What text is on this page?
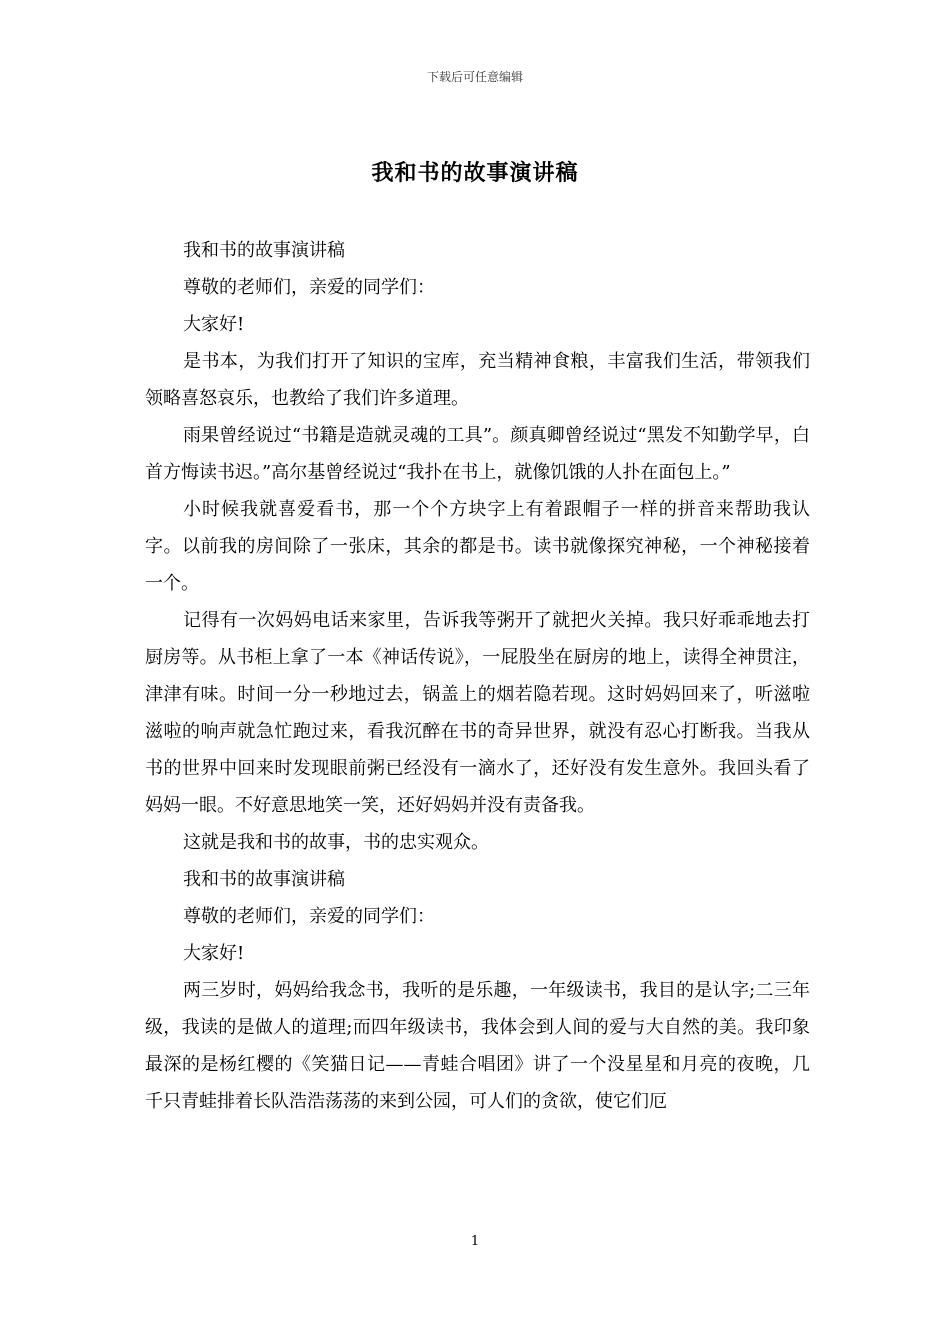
下载后可任意编辑
我和书的故事演讲稿

我和书的故事演讲稿

尊敬的老师们，亲爱的同学们：

大家好!

是书本，为我们打开了知识的宝库，充当精神食粮，丰富我们生活，带领我们领略喜怒哀乐，也教给了我们许多道理。

雨果曾经说过“书籍是造就灵魂的工具”。颜真卿曾经说过“黑发不知勤学早，白首方悔读书迟。”高尔基曾经说过“我扑在书上，就像饥饿的人扑在面包上。”

小时候我就喜爱看书，那一个个方块字上有着跟帽子一样的拼音来帮助我认字。以前我的房间除了一张床，其余的都是书。读书就像探究神秘，一个神秘接着一个。

记得有一次妈妈电话来家里，告诉我等粥开了就把火关掉。我只好乖乖地去打厨房等。从书柜上拿了一本《神话传说》，一屁股坐在厨房的地上，读得全神贯注，津津有味。时间一分一秒地过去，锅盖上的烟若隐若现。这时妈妈回来了，听滋啦滋啦的响声就急忙跑过来，看我沉醉在书的奇异世界，就没有忍心打断我。当我从书的世界中回来时发现眼前粥已经没有一滴水了，还好没有发生意外。我回头看了妈妈一眼。不好意思地笑一笑，还好妈妈并没有责备我。

这就是我和书的故事，书的忠实观众。

我和书的故事演讲稿

尊敬的老师们，亲爱的同学们：

大家好!

两三岁时，妈妈给我念书，我听的是乐趣，一年级读书，我目的是认字;二三年级，我读的是做人的道理;而四年级读书，我体会到人间的爱与大自然的美。我印象最深的是杨红樱的《笑猫日记——青蛙合唱团》讲了一个没星星和月亮的夜晚，几千只青蛙排着长队浩浩荡荡的来到公园，可人们的贪欲，使它们厄

1
